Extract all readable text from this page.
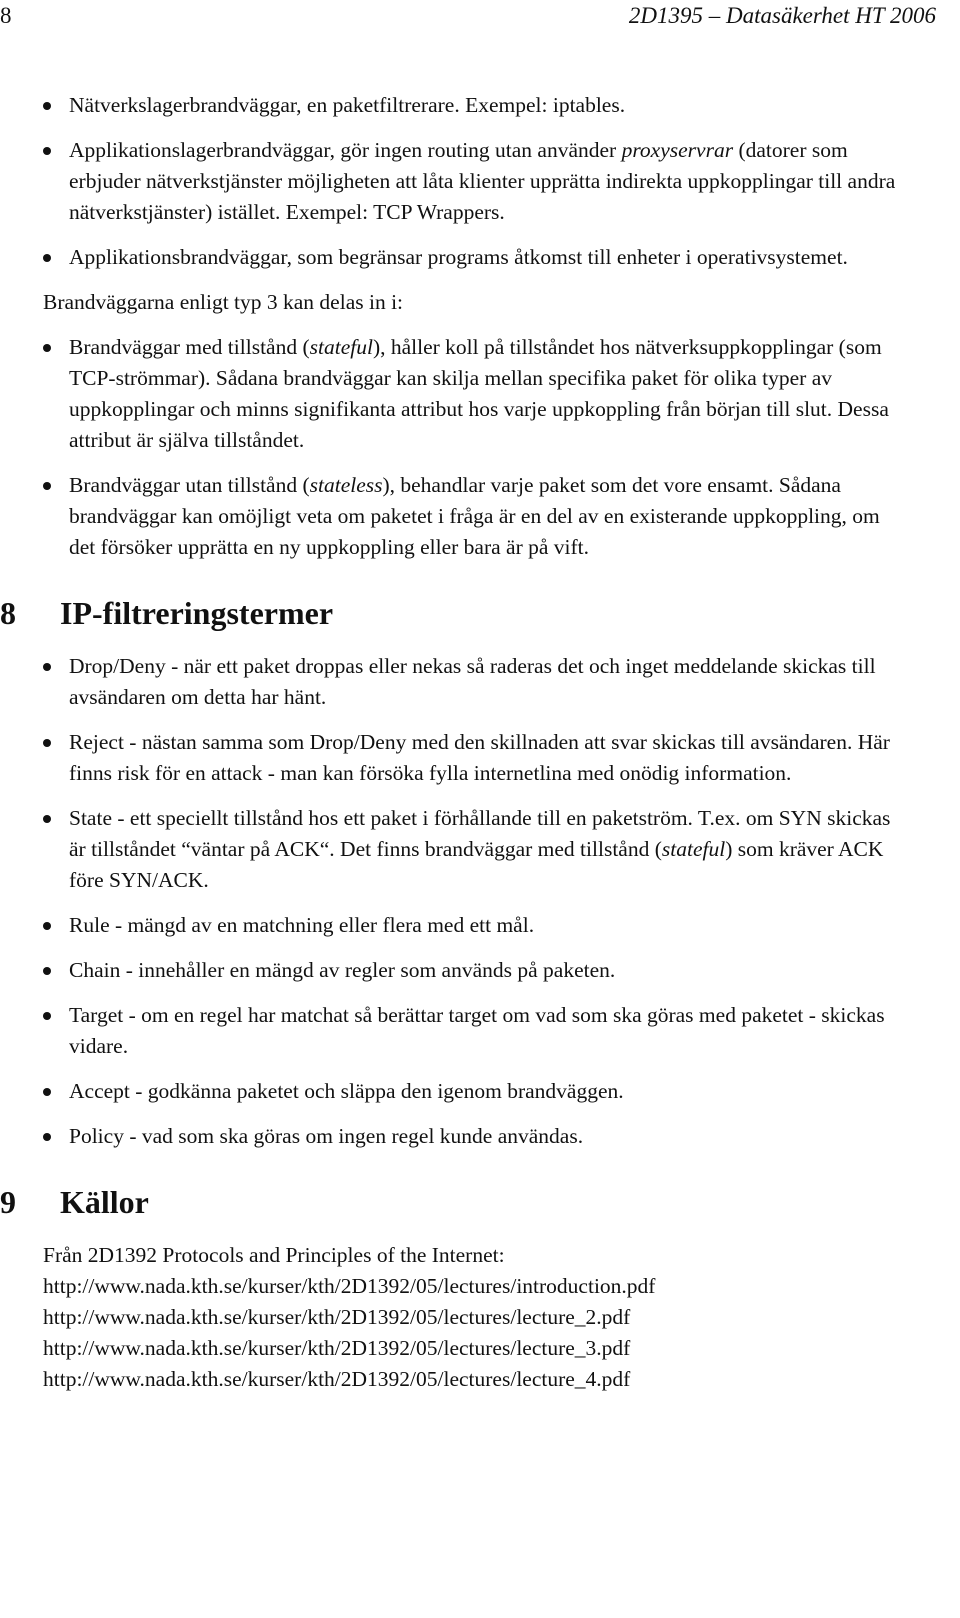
8	2D1395 – Datasäkerhet HT 2006
Nätverkslagerbrandväggar, en paketfiltrerare. Exempel: iptables.
Applikationslagerbrandväggar, gör ingen routing utan använder proxyservrar (datorer som erbjuder nätverkstjänster möjligheten att låta klienter upprätta indirekta uppkopplingar till andra nätverkstjänster) istället. Exempel: TCP Wrappers.
Applikationsbrandväggar, som begränsar programs åtkomst till enheter i operativsystemet.
Brandväggarna enligt typ 3 kan delas in i:
Brandväggar med tillstånd (stateful), håller koll på tillståndet hos nätverksuppkopplingar (som TCP-strömmar). Sådana brandväggar kan skilja mellan specifika paket för olika typer av uppkopplingar och minns signifikanta attribut hos varje uppkoppling från början till slut. Dessa attribut är själva tillståndet.
Brandväggar utan tillstånd (stateless), behandlar varje paket som det vore ensamt. Sådana brandväggar kan omöjligt veta om paketet i fråga är en del av en existerande uppkoppling, om det försöker upprätta en ny uppkoppling eller bara är på vift.
8 IP-filtreringstermer
Drop/Deny - när ett paket droppas eller nekas så raderas det och inget meddelande skickas till avsändaren om detta har hänt.
Reject - nästan samma som Drop/Deny med den skillnaden att svar skickas till avsändaren. Här finns risk för en attack - man kan försöka fylla internetlina med onödig information.
State - ett speciellt tillstånd hos ett paket i förhållande till en paketström. T.ex. om SYN skickas är tillståndet “väntar på ACK“. Det finns brandväggar med tillstånd (stateful) som kräver ACK före SYN/ACK.
Rule - mängd av en matchning eller flera med ett mål.
Chain - innehåller en mängd av regler som används på paketen.
Target - om en regel har matchat så berättar target om vad som ska göras med paketet - skickas vidare.
Accept - godkänna paketet och släppa den igenom brandväggen.
Policy - vad som ska göras om ingen regel kunde användas.
9 Källor
Från 2D1392 Protocols and Principles of the Internet:
http://www.nada.kth.se/kurser/kth/2D1392/05/lectures/introduction.pdf
http://www.nada.kth.se/kurser/kth/2D1392/05/lectures/lecture_2.pdf
http://www.nada.kth.se/kurser/kth/2D1392/05/lectures/lecture_3.pdf
http://www.nada.kth.se/kurser/kth/2D1392/05/lectures/lecture_4.pdf
